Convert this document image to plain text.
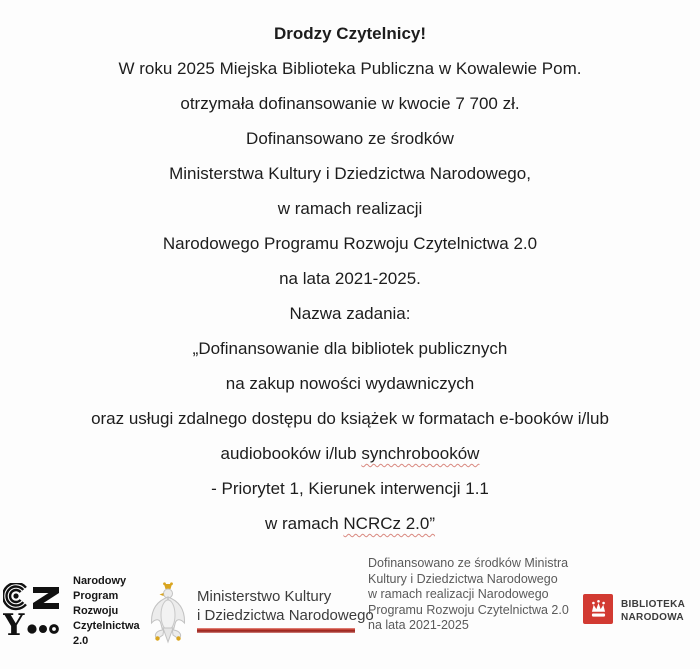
Drodzy Czytelnicy!

W roku 2025 Miejska Biblioteka Publiczna w Kowalewie Pom.

otrzymała dofinansowanie w kwocie 7 700 zł.

Dofinansowano ze środków

Ministerstwa Kultury i Dziedzictwa Narodowego,

w ramach realizacji

Narodowego Programu Rozwoju Czytelnictwa 2.0

na lata 2021-2025.

Nazwa zadania:

„Dofinansowanie dla bibliotek publicznych

na zakup nowości wydawniczych

oraz usługi zdalnego dostępu do książek w formatach e-booków i/lub

audiobooków i/lub synchrobooków

- Priorytet 1, Kierunek interwencji 1.1

w ramach NCRCz 2.0”

Y
Narodowy
Program
Rozwoju
Czytelnictwa
2.0
Ministerstwo Kultury
i Dziedzictwa Narodowego
Dofinansowano ze środków Ministra
Kultury i Dziedzictwa Narodowego
w ramach realizacji Narodowego
Programu Rozwoju Czytelnictwa 2.0
na lata 2021-2025
BIBLIOTEKA
NARODOWA
